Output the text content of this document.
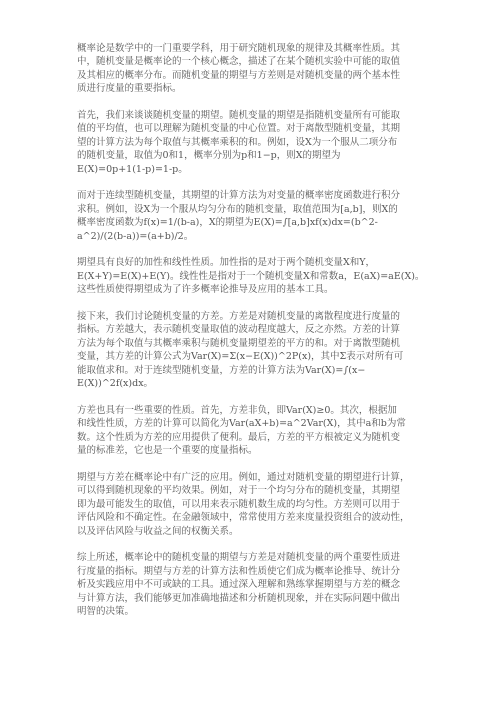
概率论是数学中的一门重要学科，用于研究随机现象的规律及其概率性质。其
中，随机变量是概率论的一个核心概念，描述了在某个随机实验中可能的取值
及其相应的概率分布。而随机变量的期望与方差则是对随机变量的两个基本性
质进行度量的重要指标。
首先，我们来谈谈随机变量的期望。随机变量的期望是指随机变量所有可能取
值的平均值，也可以理解为随机变量的中心位置。对于离散型随机变量，其期
望的计算方法为每个取值与其概率乘积的和。例如，设X为一个服从二项分布
的随机变量，取值为0和1，概率分别为p和1−p，则X的期望为
E(X)=0p+1(1-p)=1-p。
而对于连续型随机变量，其期望的计算方法为对变量的概率密度函数进行积分
求积。例如，设X为一个服从均匀分布的随机变量，取值范围为[a,b]，则X的
概率密度函数为f(x)=1/(b-a)，X的期望为E(X)=∫[a,b]xf(x)dx=(b^2-
a^2)/(2(b-a))=(a+b)/2。
期望具有良好的加性和线性性质。加性指的是对于两个随机变量X和Y，
E(X+Y)=E(X)+E(Y)。线性性是指对于一个随机变量X和常数a，E(aX)=aE(X)。
这些性质使得期望成为了许多概率论推导及应用的基本工具。
接下来，我们讨论随机变量的方差。方差是对随机变量的离散程度进行度量的
指标。方差越大，表示随机变量取值的波动程度越大，反之亦然。方差的计算
方法为每个取值与其概率乘积与随机变量期望差的平方的和。对于离散型随机
变量，其方差的计算公式为Var(X)=Σ(x−E(X))^2P(x)，其中Σ表示对所有可
能取值求和。对于连续型随机变量，方差的计算方法为Var(X)=∫(x−
E(X))^2f(x)dx。
方差也具有一些重要的性质。首先，方差非负，即Var(X)≥0。其次，根据加
和线性性质，方差的计算可以简化为Var(aX+b)=a^2Var(X)，其中a和b为常
数。这个性质为方差的应用提供了便利。最后，方差的平方根被定义为随机变
量的标准差，它也是一个重要的度量指标。
期望与方差在概率论中有广泛的应用。例如，通过对随机变量的期望进行计算，
可以得到随机现象的平均效果。例如，对于一个均匀分布的随机变量，其期望
即为最可能发生的取值，可以用来表示随机数生成的均匀性。方差则可以用于
评估风险和不确定性。在金融领域中，常常使用方差来度量投资组合的波动性，
以及评估风险与收益之间的权衡关系。
综上所述，概率论中的随机变量的期望与方差是对随机变量的两个重要性质进
行度量的指标。期望与方差的计算方法和性质使它们成为概率论推导、统计分
析及实践应用中不可或缺的工具。通过深入理解和熟练掌握期望与方差的概念
与计算方法，我们能够更加准确地描述和分析随机现象，并在实际问题中做出
明智的决策。
